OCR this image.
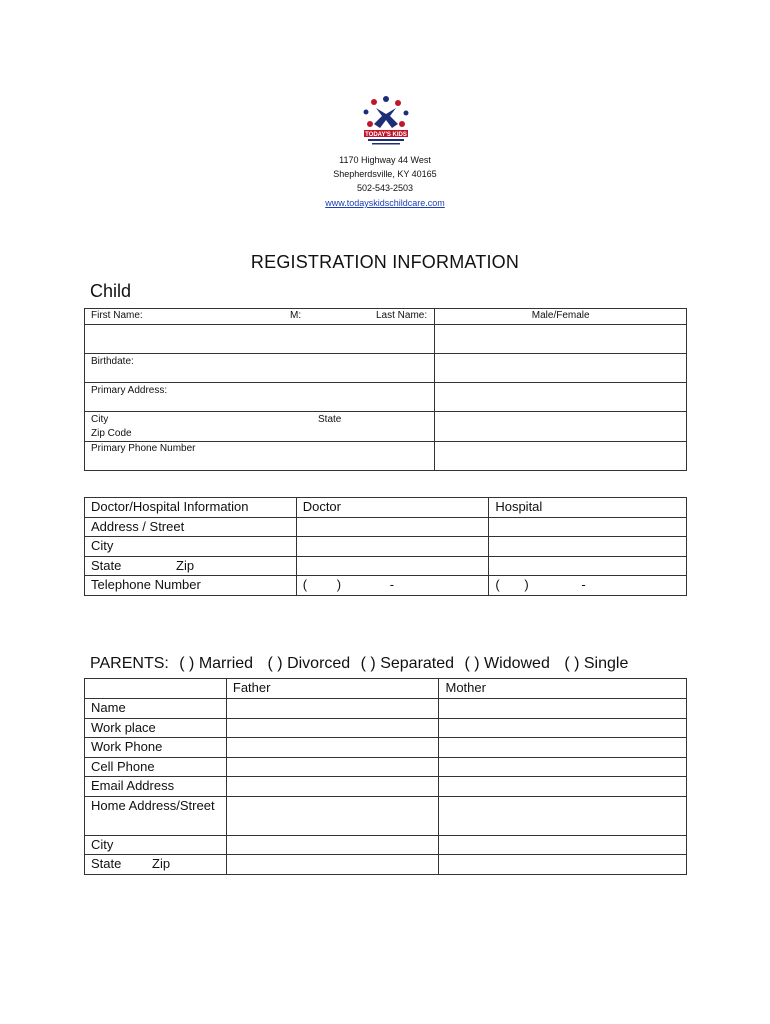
TODAY'S KIDS
1170 Highway 44 West
Shepherdsville, KY 40165
502-543-2503
www.todayskidschildcare.com
REGISTRATION INFORMATION
Child
First Name: M: Last Name:	Male/Female

Birthdate:	
Primary Address:	

City State
Zip Code	

Primary Phone Number	
Doctor/Hospital Information	Doctor	Hospital
Address / Street		
City		
State Zip		

Telephone Number	( ) -	( ) -
PARENTS: ( ) Married ( ) Divorced ( ) Separated ( ) Widowed ( ) Single
	Father	Mother
Name		
Work place		
Work Phone		
Cell Phone		
Email Address		
Home Address/Street		
City		
State Zip		
